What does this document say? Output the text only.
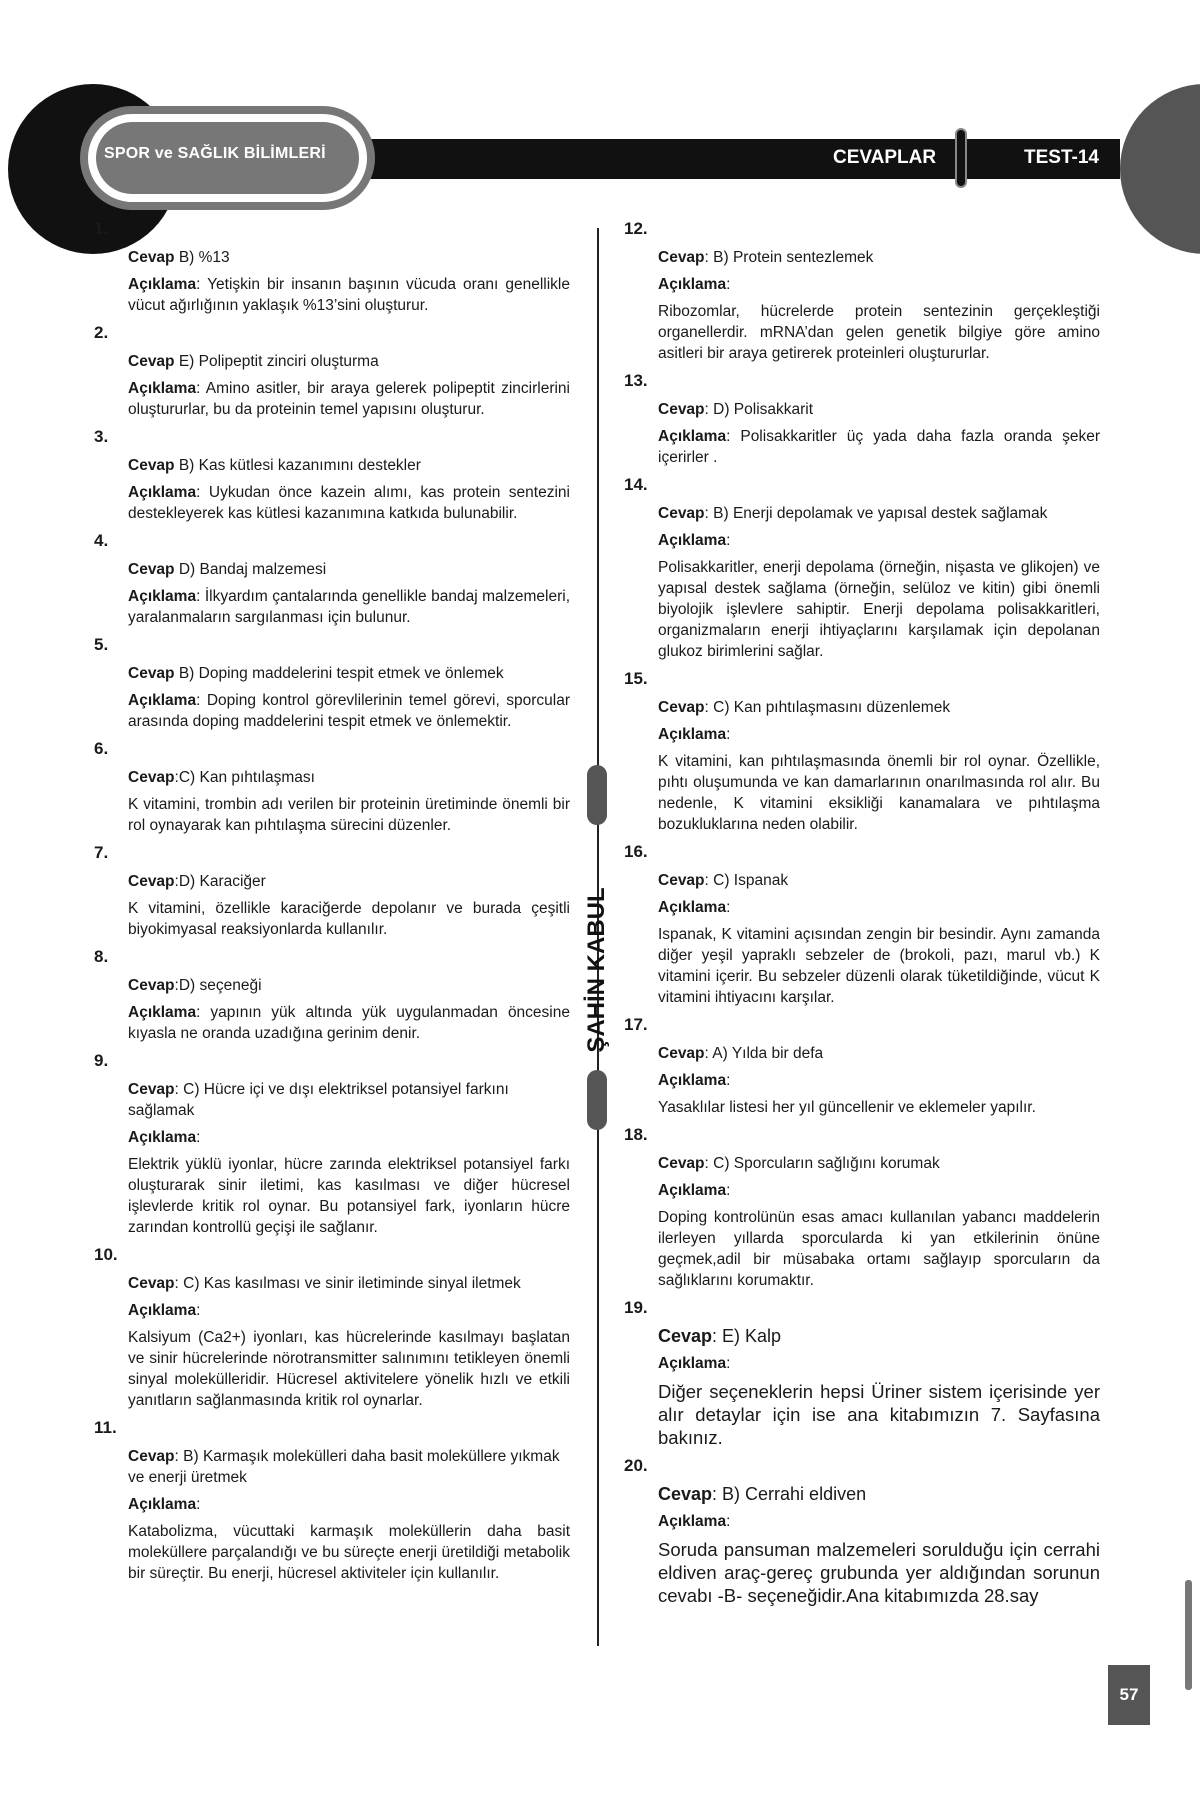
SPOR ve SAĞLIK BİLİMLERİ	CEVAPLAR	TEST-14
ŞAHİN KABUL
1.
Cevap B) %13
Açıklama: Yetişkin bir insanın başının vücuda oranı genellikle vücut ağırlığının yaklaşık %13’sini oluşturur.
2.
Cevap E) Polipeptit zinciri oluşturma
Açıklama: Amino asitler, bir araya gelerek polipeptit zincirlerini oluştururlar, bu da proteinin temel yapısını oluşturur.
3.
Cevap B) Kas kütlesi kazanımını destekler
Açıklama: Uykudan önce kazein alımı, kas protein sentezini destekleyerek kas kütlesi kazanımına katkıda bulunabilir.
4.
Cevap D) Bandaj malzemesi
Açıklama: İlkyardım çantalarında genellikle bandaj malzemeleri, yaralanmaların sargılanması için bulunur.
5.
Cevap B) Doping maddelerini tespit etmek ve önlemek
Açıklama: Doping kontrol görevlilerinin temel görevi, sporcular arasında doping maddelerini tespit etmek ve önlemektir.
6.
Cevap:C) Kan pıhtılaşması
K vitamini, trombin adı verilen bir proteinin üretiminde önemli bir rol oynayarak kan pıhtılaşma sürecini düzenler.
7.
Cevap:D) Karaciğer
K vitamini, özellikle karaciğerde depolanır ve burada çeşitli biyokimyasal reaksiyonlarda kullanılır.
8.
Cevap:D) seçeneği
Açıklama: yapının yük altında yük uygulanmadan öncesine kıyasla ne oranda uzadığına gerinim denir.
9.
Cevap: C) Hücre içi ve dışı elektriksel potansiyel farkını sağlamak
Açıklama:
Elektrik yüklü iyonlar, hücre zarında elektriksel potansiyel farkı oluşturarak sinir iletimi, kas kasılması ve diğer hücresel işlevlerde kritik rol oynar. Bu potansiyel fark, iyonların hücre zarından kontrollü geçişi ile sağlanır.
10.
Cevap: C) Kas kasılması ve sinir iletiminde sinyal iletmek
Açıklama:
Kalsiyum (Ca2+) iyonları, kas hücrelerinde kasılmayı başlatan ve sinir hücrelerinde nörotransmitter salınımını tetikleyen önemli sinyal molekülleridir. Hücresel aktivitelere yönelik hızlı ve etkili yanıtların sağlanmasında kritik rol oynarlar.
11.
Cevap: B) Karmaşık molekülleri daha basit moleküllere yıkmak ve enerji üretmek
Açıklama:
Katabolizma, vücuttaki karmaşık moleküllerin daha basit moleküllere parçalandığı ve bu süreçte enerji üretildiği metabolik bir süreçtir. Bu enerji, hücresel aktiviteler için kullanılır.
12.
Cevap: B) Protein sentezlemek
Açıklama:
Ribozomlar, hücrelerde protein sentezinin gerçekleştiği organellerdir. mRNA’dan gelen genetik bilgiye göre amino asitleri bir araya getirerek proteinleri oluştururlar.
13.
Cevap: D) Polisakkarit
Açıklama: Polisakkaritler üç yada daha fazla oranda şeker içerirler .
14.
Cevap: B) Enerji depolamak ve yapısal destek sağlamak
Açıklama:
Polisakkaritler, enerji depolama (örneğin, nişasta ve glikojen) ve yapısal destek sağlama (örneğin, selüloz ve kitin) gibi önemli biyolojik işlevlere sahiptir. Enerji depolama polisakkaritleri, organizmaların enerji ihtiyaçlarını karşılamak için depolanan glukoz birimlerini sağlar.
15.
Cevap: C) Kan pıhtılaşmasını düzenlemek
Açıklama:
K vitamini, kan pıhtılaşmasında önemli bir rol oynar. Özellikle, pıhtı oluşumunda ve kan damarlarının onarılmasında rol alır. Bu nedenle, K vitamini eksikliği kanamalara ve pıhtılaşma bozukluklarına neden olabilir.
16.
Cevap: C) Ispanak
Açıklama:
Ispanak, K vitamini açısından zengin bir besindir. Aynı zamanda diğer yeşil yapraklı sebzeler de (brokoli, pazı, marul vb.) K vitamini içerir. Bu sebzeler düzenli olarak tüketildiğinde, vücut K vitamini ihtiyacını karşılar.
17.
Cevap: A) Yılda bir defa
Açıklama:
Yasaklılar listesi her yıl güncellenir ve eklemeler yapılır.
18.
Cevap: C) Sporcuların sağlığını korumak
Açıklama:
Doping kontrolünün esas amacı kullanılan yabancı maddelerin ilerleyen yıllarda sporcularda ki yan etkilerinin önüne geçmek,adil bir müsabaka ortamı sağlayıp sporcuların da sağlıklarını korumaktır.
19.
Cevap: E) Kalp
Açıklama:
Diğer seçeneklerin hepsi Üriner sistem içerisinde yer alır detaylar için ise ana kitabımızın 7. Sayfasına bakınız.
20.
Cevap: B) Cerrahi eldiven
Açıklama:
Soruda pansuman malzemeleri sorulduğu için cerrahi eldiven araç-gereç grubunda yer aldığından sorunun cevabı -B- seçeneğidir.Ana kitabımızda 28.say
57
